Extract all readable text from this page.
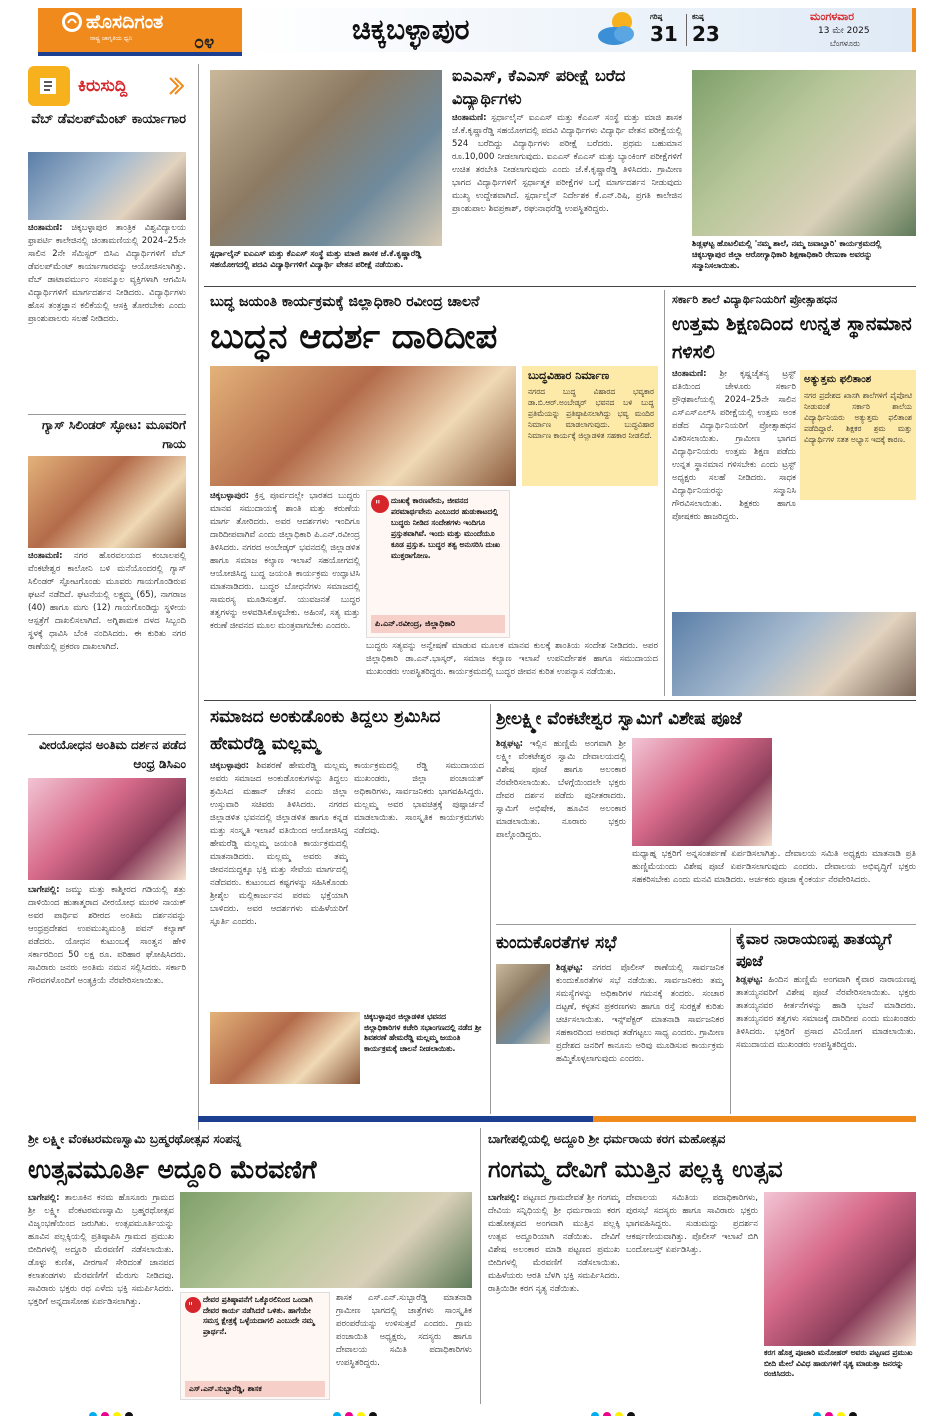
ಹೊಸದಿಗಂತ
ರಾಷ್ಟ್ರ ಜಾಗೃತಿಯ ಧ್ವನಿ	೦೪	ಚಿಕ್ಕಬಳ್ಳಾಪುರ	ಗರಿಷ್ಠ
31
ಕನಿಷ್ಠ
23
ಮಂಗಳವಾರ
13 ಮೇ 2025
ಬೆಂಗಳೂರು
ಕಿರುಸುದ್ದಿ
ವೆಬ್ ಡೆವಲಪ್‌ಮೆಂಟ್ ಕಾರ್ಯಾಗಾರ
ಚಿಂತಾಮಣಿ: ಚಿಕ್ಕಬಳ್ಳಾಪುರ ತಾಂತ್ರಿಕ ವಿಶ್ವವಿದ್ಯಾಲಯ ಫ್ರಾಪರ್ಟಿ ಕಾಲೇಜಿನಲ್ಲಿ ಚಿಂತಾಮಣಿಯಲ್ಲಿ 2024–25ನೇ ಸಾಲಿನ 2ನೇ ಸೆಮಿಸ್ಟರ್ ಬಿಸಿಎ ವಿದ್ಯಾರ್ಥಿಗಳಿಗೆ ವೆಬ್ ಡೆವಲಪ್‌ಮೆಂಟ್ ಕಾರ್ಯಾಗಾರವನ್ನು ಆಯೋಜಿಸಲಾಗಿತ್ತು. ವೆಬ್ ಡಾಟಾವರ್ಮುಂ ಸಂಪನ್ಮೂಲ ವ್ಯಕ್ತಿಗಳಾಗಿ ಆಗಮಿಸಿ ವಿದ್ಯಾರ್ಥಿಗಳಿಗೆ ಮಾರ್ಗದರ್ಶನ ನೀಡಿದರು. ವಿದ್ಯಾರ್ಥಿಗಳು ಹೊಸ ತಂತ್ರಜ್ಞಾನ ಕಲಿಕೆಯಲ್ಲಿ ಆಸಕ್ತಿ ತೋರಬೇಕು ಎಂದು ಪ್ರಾಂಶುಪಾಲರು ಸಲಹೆ ನೀಡಿದರು.
ಗ್ಯಾಸ್ ಸಿಲಿಂಡರ್ ಸ್ಫೋಟ: ಮೂವರಿಗೆ ಗಾಯ
ಚಿಂತಾಮಣಿ: ನಗರ ಹೊರವಲಯದ ಕಂಬಾಲಪಲ್ಲಿ ವೆಂಕಟೇಶ್ವರ ಕಾಲೋನಿ ಬಳಿ ಮನೆಯೊಂದರಲ್ಲಿ ಗ್ಯಾಸ್ ಸಿಲಿಂಡರ್ ಸ್ಫೋಟಗೊಂಡು ಮೂವರು ಗಾಯಗೊಂಡಿರುವ ಘಟನೆ ನಡೆದಿದೆ. ಘಟನೆಯಲ್ಲಿ ಲಕ್ಷ್ಮಮ್ಮ (65), ನಾಗರಾಜ (40) ಹಾಗೂ ಮಗು (12) ಗಾಯಗೊಂಡಿದ್ದು ಸ್ಥಳೀಯ ಆಸ್ಪತ್ರೆಗೆ ದಾಖಲಿಸಲಾಗಿದೆ. ಅಗ್ನಿಶಾಮಕ ದಳದ ಸಿಬ್ಬಂದಿ ಸ್ಥಳಕ್ಕೆ ಧಾವಿಸಿ ಬೆಂಕಿ ನಂದಿಸಿದರು. ಈ ಕುರಿತು ನಗರ ಠಾಣೆಯಲ್ಲಿ ಪ್ರಕರಣ ದಾಖಲಾಗಿದೆ.
ವೀರಯೋಧನ ಅಂತಿಮ ದರ್ಶನ ಪಡೆದ ಆಂಧ್ರ ಡಿಸಿಎಂ
ಬಾಗೇಪಲ್ಲಿ: ಜಮ್ಮು ಮತ್ತು ಕಾಶ್ಮೀರದ ಗಡಿಯಲ್ಲಿ ಶತ್ರು ದಾಳಿಯಿಂದ ಹುತಾತ್ಮರಾದ ವೀರಯೋಧ ಮುರಳಿ ನಾಯಕ್ ಅವರ ಪಾರ್ಥಿವ ಶರೀರದ ಅಂತಿಮ ದರ್ಶನವನ್ನು ಆಂಧ್ರಪ್ರದೇಶದ ಉಪಮುಖ್ಯಮಂತ್ರಿ ಪವನ್ ಕಲ್ಯಾಣ್ ಪಡೆದರು. ಯೋಧನ ಕುಟುಂಬಕ್ಕೆ ಸಾಂತ್ವನ ಹೇಳಿ ಸರ್ಕಾರದಿಂದ 50 ಲಕ್ಷ ರೂ. ಪರಿಹಾರ ಘೋಷಿಸಿದರು. ಸಾವಿರಾರು ಜನರು ಅಂತಿಮ ನಮನ ಸಲ್ಲಿಸಿದರು. ಸರ್ಕಾರಿ ಗೌರವಗಳೊಂದಿಗೆ ಅಂತ್ಯಕ್ರಿಯೆ ನೆರವೇರಿಸಲಾಯಿತು.
ಸ್ಪರ್ಧಾಲೈನ್ ಐಎಎಸ್ ಮತ್ತು ಕೆಎಎಸ್ ಸಂಸ್ಥೆ ಮತ್ತು ಮಾಜಿ ಶಾಸಕ ಜೆ.ಕೆ.ಕೃಷ್ಣಾರೆಡ್ಡಿ ಸಹಯೋಗದಲ್ಲಿ ಪದವಿ ವಿದ್ಯಾರ್ಥಿಗಳಿಗೆ ವಿದ್ಯಾರ್ಥಿ ವೇತನ ಪರೀಕ್ಷೆ ನಡೆಯಿತು.
ಐಎಎಸ್, ಕೆಎಎಸ್ ಪರೀಕ್ಷೆ ಬರೆದ ವಿದ್ಯಾರ್ಥಿಗಳು
ಚಿಂತಾಮಣಿ: ಸ್ಪರ್ಧಾಲೈನ್ ಐಎಎಸ್ ಮತ್ತು ಕೆಎಎಸ್ ಸಂಸ್ಥೆ ಮತ್ತು ಮಾಜಿ ಶಾಸಕ ಜೆ.ಕೆ.ಕೃಷ್ಣಾರೆಡ್ಡಿ ಸಹಯೋಗದಲ್ಲಿ ಪದವಿ ವಿದ್ಯಾರ್ಥಿಗಳು ವಿದ್ಯಾರ್ಥಿ ವೇತನ ಪರೀಕ್ಷೆಯಲ್ಲಿ 524 ಬರೆದಿದ್ದು ವಿದ್ಯಾರ್ಥಿಗಳು ಪರೀಕ್ಷೆ ಬರೆದರು. ಪ್ರಥಮ ಬಹುಮಾನ ರೂ.10,000 ನೀಡಲಾಗುವುದು. ಐಎಎಸ್ ಕೆಎಎಸ್ ಮತ್ತು ಬ್ಯಾಂಕಿಂಗ್ ಪರೀಕ್ಷೆಗಳಿಗೆ ಉಚಿತ ತರಬೇತಿ ನೀಡಲಾಗುವುದು ಎಂದು ಜೆ.ಕೆ.ಕೃಷ್ಣಾರೆಡ್ಡಿ ತಿಳಿಸಿದರು. ಗ್ರಾಮೀಣ ಭಾಗದ ವಿದ್ಯಾರ್ಥಿಗಳಿಗೆ ಸ್ಪರ್ಧಾತ್ಮಕ ಪರೀಕ್ಷೆಗಳ ಬಗ್ಗೆ ಮಾರ್ಗದರ್ಶನ ನೀಡುವುದು ಮುಖ್ಯ ಉದ್ದೇಶವಾಗಿದೆ. ಸ್ಪರ್ಧಾಲೈನ್ ನಿರ್ದೇಶಕ ಕೆ.ಎನ್.ರಿಷಿ, ಪ್ರಗತಿ ಕಾಲೇಜಿನ ಪ್ರಾಂಶುಪಾಲ ಶಿವಪ್ರಕಾಶ್, ರಘುನಾಥರೆಡ್ಡಿ ಉಪಸ್ಥಿತರಿದ್ದರು.
ಶಿಡ್ಲಘಟ್ಟ ಹೊಟಲಿಮಲ್ಲಿ 'ನಮ್ಮ ಶಾಲೆ, ನಮ್ಮ ಜವಾಬ್ದಾರಿ' ಕಾರ್ಯಕ್ರಮದಲ್ಲಿ ಚಿಕ್ಕಬಳ್ಳಾಪುರ ಜಿಲ್ಲಾ ಆರೋಗ್ಯಾಧಿಕಾರಿ ಶಿಕ್ಷಣಾಧಿಕಾರಿ ರೇಣುಕಾ ಅವರನ್ನು ಸನ್ಮಾನಿಸಲಾಯಿತು.
ಬುದ್ಧ ಜಯಂತಿ ಕಾರ್ಯಕ್ರಮಕ್ಕೆ ಜಿಲ್ಲಾಧಿಕಾರಿ ರವೀಂದ್ರ ಚಾಲನೆ
ಬುದ್ಧನ ಆದರ್ಶ ದಾರಿದೀಪ
ಬುದ್ಧವಿಹಾರ ನಿರ್ಮಾಣ
ನಗರದ ಬುದ್ಧ ವಿಹಾರದ ಭವ್ಯಕಾರ ಡಾ.ಬಿ.ಆರ್.ಅಂಬೇಡ್ಕರ್ ಭವನದ ಬಳಿ ಬುದ್ಧ ಪ್ರತಿಮೆಯನ್ನು ಪ್ರತಿಷ್ಠಾಪಿಸಲಾಗಿದ್ದು ಭವ್ಯ ಮಂದಿರ ನಿರ್ಮಾಣ ಮಾಡಲಾಗುವುದು. ಬುದ್ಧವಿಹಾರ ನಿರ್ಮಾಣ ಕಾರ್ಯಕ್ಕೆ ಜಿಲ್ಲಾಡಳಿತ ಸಹಕಾರ ನೀಡಲಿದೆ.
ಚಿಕ್ಕಬಳ್ಳಾಪುರ: ಕ್ರಿಸ್ತ ಪೂರ್ವದಲ್ಲೇ ಭಾರತದ ಬುದ್ಧರು ಮಾನವ ಸಮುದಾಯಕ್ಕೆ ಶಾಂತಿ ಮತ್ತು ಕರುಣೆಯ ಮಾರ್ಗ ತೋರಿದರು. ಅವರ ಆದರ್ಶಗಳು ಇಂದಿಗೂ ದಾರಿದೀಪವಾಗಿವೆ ಎಂದು ಜಿಲ್ಲಾಧಿಕಾರಿ ಪಿ.ಎನ್.ರವೀಂದ್ರ ತಿಳಿಸಿದರು. ನಗರದ ಅಂಬೇಡ್ಕರ್ ಭವನದಲ್ಲಿ ಜಿಲ್ಲಾಡಳಿತ ಹಾಗೂ ಸಮಾಜ ಕಲ್ಯಾಣ ಇಲಾಖೆ ಸಹಯೋಗದಲ್ಲಿ ಆಯೋಜಿಸಿದ್ದ ಬುದ್ಧ ಜಯಂತಿ ಕಾರ್ಯಕ್ರಮ ಉದ್ಘಾಟಿಸಿ ಮಾತನಾಡಿದರು. ಬುದ್ಧರ ಬೋಧನೆಗಳು ಸಮಾಜದಲ್ಲಿ ಸಾಮರಸ್ಯ ಮೂಡಿಸುತ್ತವೆ. ಯುವಜನತೆ ಬುದ್ಧರ ತತ್ವಗಳನ್ನು ಅಳವಡಿಸಿಕೊಳ್ಳಬೇಕು. ಅಹಿಂಸೆ, ಸತ್ಯ ಮತ್ತು ಕರುಣೆ ಜೀವನದ ಮೂಲ ಮಂತ್ರವಾಗಬೇಕು ಎಂದರು.
" ದುಃಖಕ್ಕೆ ಕಾರಣವೇನು, ಜೀವನದ ಪರಮಾರ್ಥವೇನು ಎಂಬುದರ ಹುಡುಕಾಟದಲ್ಲಿ ಬುದ್ಧರು ನೀಡಿದ ಸಂದೇಶಗಳು ಇಂದಿಗೂ ಪ್ರಸ್ತುತವಾಗಿವೆ. ಇಂದು ಮತ್ತು ಮುಂದೆಯೂ ಕೂಡ ಪ್ರಸ್ತುತ. ಬುದ್ಧರ ತತ್ವ ಅನುಸರಿಸಿ ದುಃಖ ಮುಕ್ತರಾಗೋಣ.
ಪಿ.ಎನ್.ರವೀಂದ್ರ, ಜಿಲ್ಲಾಧಿಕಾರಿ
ಬುದ್ಧರು ಸತ್ಯವನ್ನು ಅನ್ವೇಷಣೆ ಮಾಡುವ ಮೂಲಕ ಮಾನವ ಕುಲಕ್ಕೆ ಶಾಂತಿಯ ಸಂದೇಶ ನೀಡಿದರು. ಅಪರ ಜಿಲ್ಲಾಧಿಕಾರಿ ಡಾ.ಎನ್.ಭಾಸ್ಕರ್, ಸಮಾಜ ಕಲ್ಯಾಣ ಇಲಾಖೆ ಉಪನಿರ್ದೇಶಕ ಹಾಗೂ ಸಮುದಾಯದ ಮುಖಂಡರು ಉಪಸ್ಥಿತರಿದ್ದರು. ಕಾರ್ಯಕ್ರಮದಲ್ಲಿ ಬುದ್ಧರ ಜೀವನ ಕುರಿತ ಉಪನ್ಯಾಸ ನಡೆಯಿತು.
ಸರ್ಕಾರಿ ಶಾಲೆ ವಿದ್ಯಾರ್ಥಿನಿಯರಿಗೆ ಪ್ರೋತ್ಸಾಹಧನ
ಉತ್ತಮ ಶಿಕ್ಷಣದಿಂದ ಉನ್ನತ ಸ್ಥಾನಮಾನ ಗಳಿಸಲಿ
ಚಿಂತಾಮಣಿ: ಶ್ರೀ ಕೃಷ್ಣಚೈತನ್ಯ ಟ್ರಸ್ಟ್ ವತಿಯಿಂದ ಚೇಳೂರು ಸರ್ಕಾರಿ ಪ್ರೌಢಶಾಲೆಯಲ್ಲಿ 2024–25ನೇ ಸಾಲಿನ ಎಸ್‌ಎಸ್‌ಎಲ್‌ಸಿ ಪರೀಕ್ಷೆಯಲ್ಲಿ ಉತ್ತಮ ಅಂಕ ಪಡೆದ ವಿದ್ಯಾರ್ಥಿನಿಯರಿಗೆ ಪ್ರೋತ್ಸಾಹಧನ ವಿತರಿಸಲಾಯಿತು. ಗ್ರಾಮೀಣ ಭಾಗದ ವಿದ್ಯಾರ್ಥಿನಿಯರು ಉತ್ತಮ ಶಿಕ್ಷಣ ಪಡೆದು ಉನ್ನತ ಸ್ಥಾನಮಾನ ಗಳಿಸಬೇಕು ಎಂದು ಟ್ರಸ್ಟ್ ಅಧ್ಯಕ್ಷರು ಸಲಹೆ ನೀಡಿದರು. ಸಾಧಕ ವಿದ್ಯಾರ್ಥಿನಿಯರನ್ನು ಸನ್ಮಾನಿಸಿ ಗೌರವಿಸಲಾಯಿತು. ಶಿಕ್ಷಕರು ಹಾಗೂ ಪೋಷಕರು ಹಾಜರಿದ್ದರು.
ಅತ್ಯುತ್ತಮ ಫಲಿತಾಂಶ
ನಗರ ಪ್ರದೇಶದ ಖಾಸಗಿ ಶಾಲೆಗಳಿಗೆ ಪೈಪೋಟಿ ನೀಡುವಂತೆ ಸರ್ಕಾರಿ ಶಾಲೆಯ ವಿದ್ಯಾರ್ಥಿನಿಯರು ಅತ್ಯುತ್ತಮ ಫಲಿತಾಂಶ ಪಡೆದಿದ್ದಾರೆ. ಶಿಕ್ಷಕರ ಶ್ರಮ ಮತ್ತು ವಿದ್ಯಾರ್ಥಿಗಳ ಸತತ ಅಭ್ಯಾಸ ಇದಕ್ಕೆ ಕಾರಣ.
ಸಮಾಜದ ಅಂಕುಡೊಂಕು ತಿದ್ದಲು ಶ್ರಮಿಸಿದ ಹೇಮರೆಡ್ಡಿ ಮಲ್ಲಮ್ಮ
ಚಿಕ್ಕಬಳ್ಳಾಪುರ: ಶಿವಶರಣೆ ಹೇಮರೆಡ್ಡಿ ಮಲ್ಲಮ್ಮ ಅವರು ಸಮಾಜದ ಅಂಕುಡೊಂಕುಗಳನ್ನು ತಿದ್ದಲು ಶ್ರಮಿಸಿದ ಮಹಾನ್ ಚೇತನ ಎಂದು ಜಿಲ್ಲಾ ಉಸ್ತುವಾರಿ ಸಚಿವರು ತಿಳಿಸಿದರು. ನಗರದ ಜಿಲ್ಲಾಡಳಿತ ಭವನದಲ್ಲಿ ಜಿಲ್ಲಾಡಳಿತ ಹಾಗೂ ಕನ್ನಡ ಮತ್ತು ಸಂಸ್ಕೃತಿ ಇಲಾಖೆ ವತಿಯಿಂದ ಆಯೋಜಿಸಿದ್ದ ಹೇಮರೆಡ್ಡಿ ಮಲ್ಲಮ್ಮ ಜಯಂತಿ ಕಾರ್ಯಕ್ರಮದಲ್ಲಿ ಮಾತನಾಡಿದರು. ಮಲ್ಲಮ್ಮ ಅವರು ತಮ್ಮ ಜೀವನದುದ್ದಕ್ಕೂ ಭಕ್ತಿ ಮತ್ತು ಸೇವೆಯ ಮಾರ್ಗದಲ್ಲಿ ನಡೆದವರು. ಕುಟುಂಬದ ಕಷ್ಟಗಳನ್ನು ಸಹಿಸಿಕೊಂಡು ಶ್ರೀಶೈಲ ಮಲ್ಲಿಕಾರ್ಜುನನ ಪರಮ ಭಕ್ತೆಯಾಗಿ ಬಾಳಿದರು. ಅವರ ಆದರ್ಶಗಳು ಮಹಿಳೆಯರಿಗೆ ಸ್ಫೂರ್ತಿ ಎಂದರು.
ಕಾರ್ಯಕ್ರಮದಲ್ಲಿ ರೆಡ್ಡಿ ಸಮುದಾಯದ ಮುಖಂಡರು, ಜಿಲ್ಲಾ ಪಂಚಾಯತ್ ಅಧಿಕಾರಿಗಳು, ಸಾರ್ವಜನಿಕರು ಭಾಗವಹಿಸಿದ್ದರು. ಮಲ್ಲಮ್ಮ ಅವರ ಭಾವಚಿತ್ರಕ್ಕೆ ಪುಷ್ಪಾರ್ಚನೆ ಮಾಡಲಾಯಿತು. ಸಾಂಸ್ಕೃತಿಕ ಕಾರ್ಯಕ್ರಮಗಳು ನಡೆದವು.
ಚಿಕ್ಕಬಳ್ಳಾಪುರ ಜಿಲ್ಲಾಡಳಿತ ಭವನದ ಜಿಲ್ಲಾಧಿಕಾರಿಗಳ ಕಚೇರಿ ಸಭಾಂಗಣದಲ್ಲಿ ನಡೆದ ಶ್ರೀ ಶಿವಶರಣೆ ಹೇಮರೆಡ್ಡಿ ಮಲ್ಲಮ್ಮ ಜಯಂತಿ ಕಾರ್ಯಕ್ರಮಕ್ಕೆ ಚಾಲನೆ ನೀಡಲಾಯಿತು.
ಶ್ರೀಲಕ್ಷ್ಮೀ ವೆಂಕಟೇಶ್ವರ ಸ್ವಾಮಿಗೆ ವಿಶೇಷ ಪೂಜೆ
ಶಿಡ್ಲಘಟ್ಟ: ಇಲ್ಲಿನ ಹುಣ್ಣಿಮೆ ಅಂಗವಾಗಿ ಶ್ರೀ ಲಕ್ಷ್ಮೀ ವೆಂಕಟೇಶ್ವರ ಸ್ವಾಮಿ ದೇವಾಲಯದಲ್ಲಿ ವಿಶೇಷ ಪೂಜೆ ಹಾಗೂ ಅಲಂಕಾರ ನೆರವೇರಿಸಲಾಯಿತು. ಬೆಳಗ್ಗೆಯಿಂದಲೇ ಭಕ್ತರು ದೇವರ ದರ್ಶನ ಪಡೆದು ಪುನೀತರಾದರು. ಸ್ವಾಮಿಗೆ ಅಭಿಷೇಕ, ಹೂವಿನ ಅಲಂಕಾರ ಮಾಡಲಾಯಿತು. ನೂರಾರು ಭಕ್ತರು ಪಾಲ್ಗೊಂಡಿದ್ದರು.
ಮಧ್ಯಾಹ್ನ ಭಕ್ತರಿಗೆ ಅನ್ನಸಂತರ್ಪಣೆ ಏರ್ಪಡಿಸಲಾಗಿತ್ತು. ದೇವಾಲಯ ಸಮಿತಿ ಅಧ್ಯಕ್ಷರು ಮಾತನಾಡಿ ಪ್ರತಿ ಹುಣ್ಣಿಮೆಯಂದು ವಿಶೇಷ ಪೂಜೆ ಏರ್ಪಡಿಸಲಾಗುವುದು ಎಂದರು. ದೇವಾಲಯ ಅಭಿವೃದ್ಧಿಗೆ ಭಕ್ತರು ಸಹಕರಿಸಬೇಕು ಎಂದು ಮನವಿ ಮಾಡಿದರು. ಅರ್ಚಕರು ಪೂಜಾ ಕೈಂಕರ್ಯ ನೆರವೇರಿಸಿದರು.
ಕುಂದುಕೊರತೆಗಳ ಸಭೆ
ಶಿಡ್ಲಘಟ್ಟ: ನಗರದ ಪೊಲೀಸ್ ಠಾಣೆಯಲ್ಲಿ ಸಾರ್ವಜನಿಕ ಕುಂದುಕೊರತೆಗಳ ಸಭೆ ನಡೆಯಿತು. ಸಾರ್ವಜನಿಕರು ತಮ್ಮ ಸಮಸ್ಯೆಗಳನ್ನು ಅಧಿಕಾರಿಗಳ ಗಮನಕ್ಕೆ ತಂದರು. ಸಂಚಾರ ದಟ್ಟಣೆ, ಕಳ್ಳತನ ಪ್ರಕರಣಗಳು ಹಾಗೂ ರಸ್ತೆ ಸುರಕ್ಷತೆ ಕುರಿತು ಚರ್ಚಿಸಲಾಯಿತು. ಇನ್ಸ್‌ಪೆಕ್ಟರ್ ಮಾತನಾಡಿ ಸಾರ್ವಜನಿಕರ ಸಹಕಾರದಿಂದ ಅಪರಾಧ ತಡೆಗಟ್ಟಲು ಸಾಧ್ಯ ಎಂದರು. ಗ್ರಾಮೀಣ ಪ್ರದೇಶದ ಜನರಿಗೆ ಕಾನೂನು ಅರಿವು ಮೂಡಿಸುವ ಕಾರ್ಯಕ್ರಮ ಹಮ್ಮಿಕೊಳ್ಳಲಾಗುವುದು ಎಂದರು.
ಕೈವಾರ ನಾರಾಯಣಪ್ಪ ತಾತಯ್ಯಗೆ ಪೂಜೆ
ಶಿಡ್ಲಘಟ್ಟ: ಹಿಂದಿನ ಹುಣ್ಣಿಮೆ ಅಂಗವಾಗಿ ಕೈವಾರ ನಾರಾಯಣಪ್ಪ ತಾತಯ್ಯನವರಿಗೆ ವಿಶೇಷ ಪೂಜೆ ನೆರವೇರಿಸಲಾಯಿತು. ಭಕ್ತರು ತಾತಯ್ಯನವರ ಕೀರ್ತನೆಗಳನ್ನು ಹಾಡಿ ಭಜನೆ ಮಾಡಿದರು. ತಾತಯ್ಯನವರ ತತ್ವಗಳು ಸಮಾಜಕ್ಕೆ ದಾರಿದೀಪ ಎಂದು ಮುಖಂಡರು ತಿಳಿಸಿದರು. ಭಕ್ತರಿಗೆ ಪ್ರಸಾದ ವಿನಿಯೋಗ ಮಾಡಲಾಯಿತು. ಸಮುದಾಯದ ಮುಖಂಡರು ಉಪಸ್ಥಿತರಿದ್ದರು.
ಶ್ರೀ ಲಕ್ಷ್ಮೀ ವೆಂಕಟರಮಣಸ್ವಾಮಿ ಬ್ರಹ್ಮರಥೋತ್ಸವ ಸಂಪನ್ನ
ಉತ್ಸವಮೂರ್ತಿ ಅದ್ದೂರಿ ಮೆರವಣಿಗೆ
ಬಾಗೇಪಲ್ಲಿ: ತಾಲೂಕಿನ ಕನಮ ಹೊಸೂರು ಗ್ರಾಮದ ಶ್ರೀ ಲಕ್ಷ್ಮೀ ವೆಂಕಟರಮಣಸ್ವಾಮಿ ಬ್ರಹ್ಮರಥೋತ್ಸವ ವಿಜೃಂಭಣೆಯಿಂದ ಜರುಗಿತು. ಉತ್ಸವಮೂರ್ತಿಯನ್ನು ಹೂವಿನ ಪಲ್ಲಕ್ಕಿಯಲ್ಲಿ ಪ್ರತಿಷ್ಠಾಪಿಸಿ ಗ್ರಾಮದ ಪ್ರಮುಖ ಬೀದಿಗಳಲ್ಲಿ ಅದ್ದೂರಿ ಮೆರವಣಿಗೆ ನಡೆಸಲಾಯಿತು. ಡೊಳ್ಳು ಕುಣಿತ, ವೀರಗಾಸೆ ಸೇರಿದಂತೆ ಜಾನಪದ ಕಲಾತಂಡಗಳು ಮೆರವಣಿಗೆಗೆ ಮೆರುಗು ನೀಡಿದವು. ಸಾವಿರಾರು ಭಕ್ತರು ರಥ ಎಳೆದು ಭಕ್ತಿ ಸಮರ್ಪಿಸಿದರು. ಭಕ್ತರಿಗೆ ಅನ್ನದಾಸೋಹ ಏರ್ಪಡಿಸಲಾಗಿತ್ತು.	"
ದೇವರ ಪ್ರತಿಷ್ಠಾಪನೆಗೆ ಒಕ್ಕೊರಲಿನಿಂದ ಒಂದಾಗಿ ದೇವರ ಕಾರ್ಯ ನಡೆಸಿದರೆ ಒಳಿತು. ಹಾಗೆಯೇ ಸಮಸ್ತ ಕ್ಷೇತ್ರಕ್ಕೆ ಒಳ್ಳೆಯದಾಗಲಿ ಎಂಬುದೇ ನಮ್ಮ ಪ್ರಾರ್ಥನೆ.
ಎಸ್.ಎನ್.ಸುಬ್ಬಾರೆಡ್ಡಿ, ಶಾಸಕ
ಶಾಸಕ ಎಸ್.ಎನ್.ಸುಬ್ಬಾರೆಡ್ಡಿ ಮಾತನಾಡಿ ಗ್ರಾಮೀಣ ಭಾಗದಲ್ಲಿ ಜಾತ್ರೆಗಳು ಸಾಂಸ್ಕೃತಿಕ ಪರಂಪರೆಯನ್ನು ಉಳಿಸುತ್ತವೆ ಎಂದರು. ಗ್ರಾಮ ಪಂಚಾಯಿತಿ ಅಧ್ಯಕ್ಷರು, ಸದಸ್ಯರು ಹಾಗೂ ದೇವಾಲಯ ಸಮಿತಿ ಪದಾಧಿಕಾರಿಗಳು ಉಪಸ್ಥಿತರಿದ್ದರು.
ಬಾಗೇಪಲ್ಲಿಯಲ್ಲಿ ಅದ್ದೂರಿ ಶ್ರೀ ಧರ್ಮರಾಯ ಕರಗ ಮಹೋತ್ಸವ
ಗಂಗಮ್ಮ ದೇವಿಗೆ ಮುತ್ತಿನ ಪಲ್ಲಕ್ಕಿ ಉತ್ಸವ
ಬಾಗೇಪಲ್ಲಿ: ಪಟ್ಟಣದ ಗ್ರಾಮದೇವತೆ ಶ್ರೀ ಗಂಗಮ್ಮ ದೇವಿಯ ಸನ್ನಿಧಿಯಲ್ಲಿ ಶ್ರೀ ಧರ್ಮರಾಯ ಕರಗ ಮಹೋತ್ಸವದ ಅಂಗವಾಗಿ ಮುತ್ತಿನ ಪಲ್ಲಕ್ಕಿ ಉತ್ಸವ ಅದ್ದೂರಿಯಾಗಿ ನಡೆಯಿತು. ದೇವಿಗೆ ವಿಶೇಷ ಅಲಂಕಾರ ಮಾಡಿ ಪಟ್ಟಣದ ಪ್ರಮುಖ ಬೀದಿಗಳಲ್ಲಿ ಮೆರವಣಿಗೆ ನಡೆಸಲಾಯಿತು. ಮಹಿಳೆಯರು ಆರತಿ ಬೆಳಗಿ ಭಕ್ತಿ ಸಮರ್ಪಿಸಿದರು. ರಾತ್ರಿಯಿಡೀ ಕರಗ ನೃತ್ಯ ನಡೆಯಿತು.
ದೇವಾಲಯ ಸಮಿತಿಯ ಪದಾಧಿಕಾರಿಗಳು, ಪುರಸಭೆ ಸದಸ್ಯರು ಹಾಗೂ ಸಾವಿರಾರು ಭಕ್ತರು ಭಾಗವಹಿಸಿದ್ದರು. ಸುಡುಮದ್ದು ಪ್ರದರ್ಶನ ಆಕರ್ಷಣೀಯವಾಗಿತ್ತು. ಪೊಲೀಸ್ ಇಲಾಖೆ ಬಿಗಿ ಬಂದೋಬಸ್ತ್ ಏರ್ಪಡಿಸಿತ್ತು.
ಕರಗ ಹೊತ್ತ ಪೂಜಾರಿ ಮನೋಹರ್ ಅವರು ಪಟ್ಟಣದ ಪ್ರಮುಖ ಬೀದಿ ಮೇಲೆ ವಿವಿಧ ಹಾಡುಗಳಿಗೆ ನೃತ್ಯ ಮಾಡುತ್ತಾ ಜನರನ್ನು ರಂಜಿಸಿದರು.
